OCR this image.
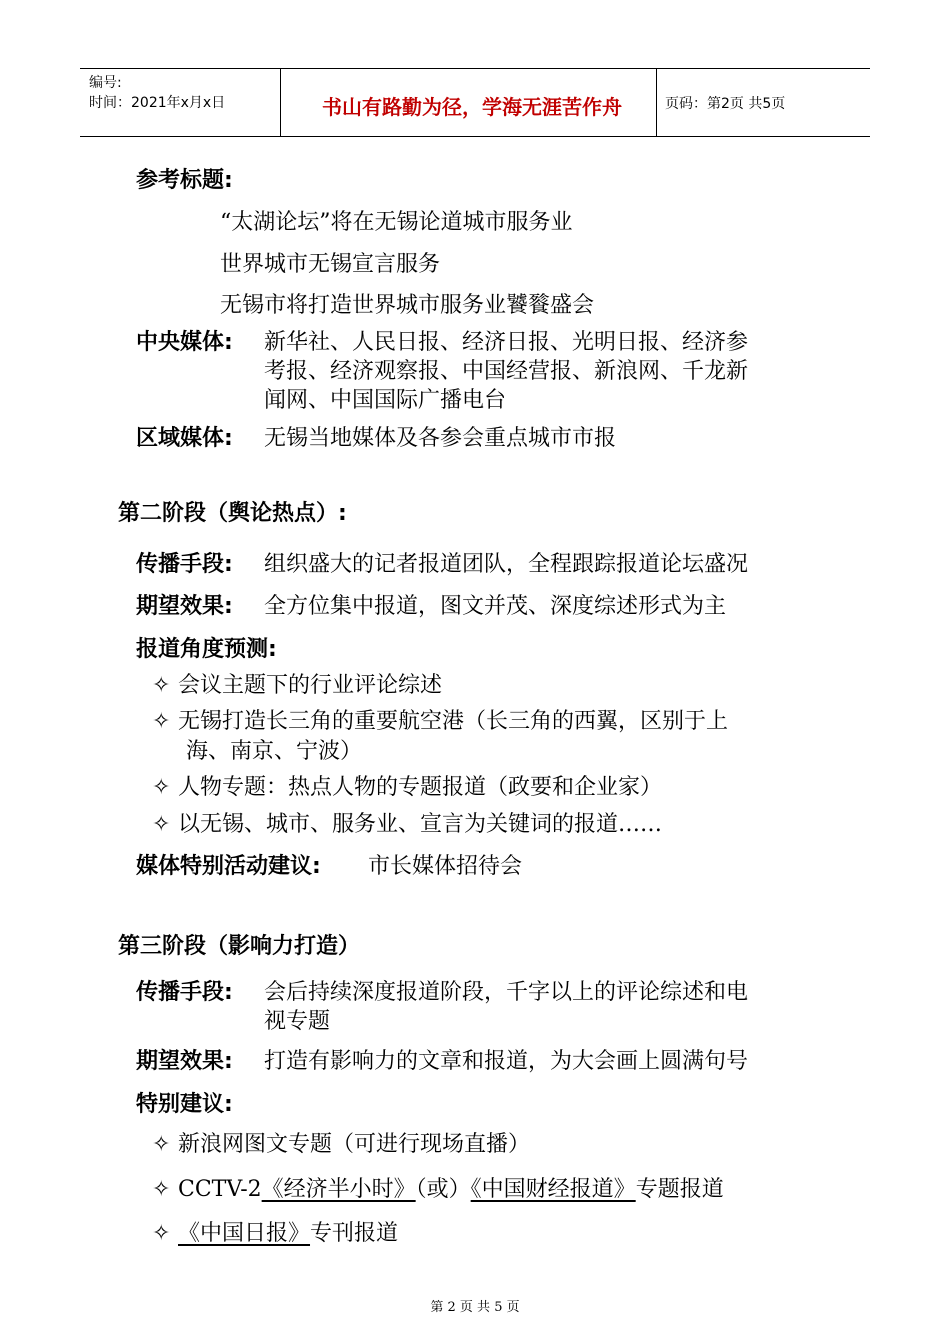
编号:
时间：2021年x月x日	书山有路勤为径，学海无涯苦作舟	页码：第2页 共5页
参考标题:
“太湖论坛”将在无锡论道城市服务业
世界城市无锡宣言服务
无锡市将打造世界城市服务业饕餮盛会
中央媒体: 新华社、人民日报、经济日报、光明日报、经济参
考报、经济观察报、中国经营报、新浪网、千龙新
闻网、中国国际广播电台
区域媒体: 无锡当地媒体及各参会重点城市市报
第二阶段（舆论热点）:
传播手段: 组织盛大的记者报道团队，全程跟踪报道论坛盛况
期望效果: 全方位集中报道，图文并茂、深度综述形式为主
报道角度预测:
✧ 会议主题下的行业评论综述
✧ 无锡打造长三角的重要航空港（长三角的西翼，区别于上
海、南京、宁波）
✧ 人物专题：热点人物的专题报道（政要和企业家）
✧ 以无锡、城市、服务业、宣言为关键词的报道……
媒体特别活动建议: 市长媒体招待会
第三阶段（影响力打造）
传播手段: 会后持续深度报道阶段，千字以上的评论综述和电
视专题
期望效果: 打造有影响力的文章和报道，为大会画上圆满句号
特别建议:
✧ 新浪网图文专题（可进行现场直播）
✧ CCTV-2《经济半小时》（或）《中国财经报道》专题报道
✧ 《中国日报》专刊报道
第 2 页 共 5 页
